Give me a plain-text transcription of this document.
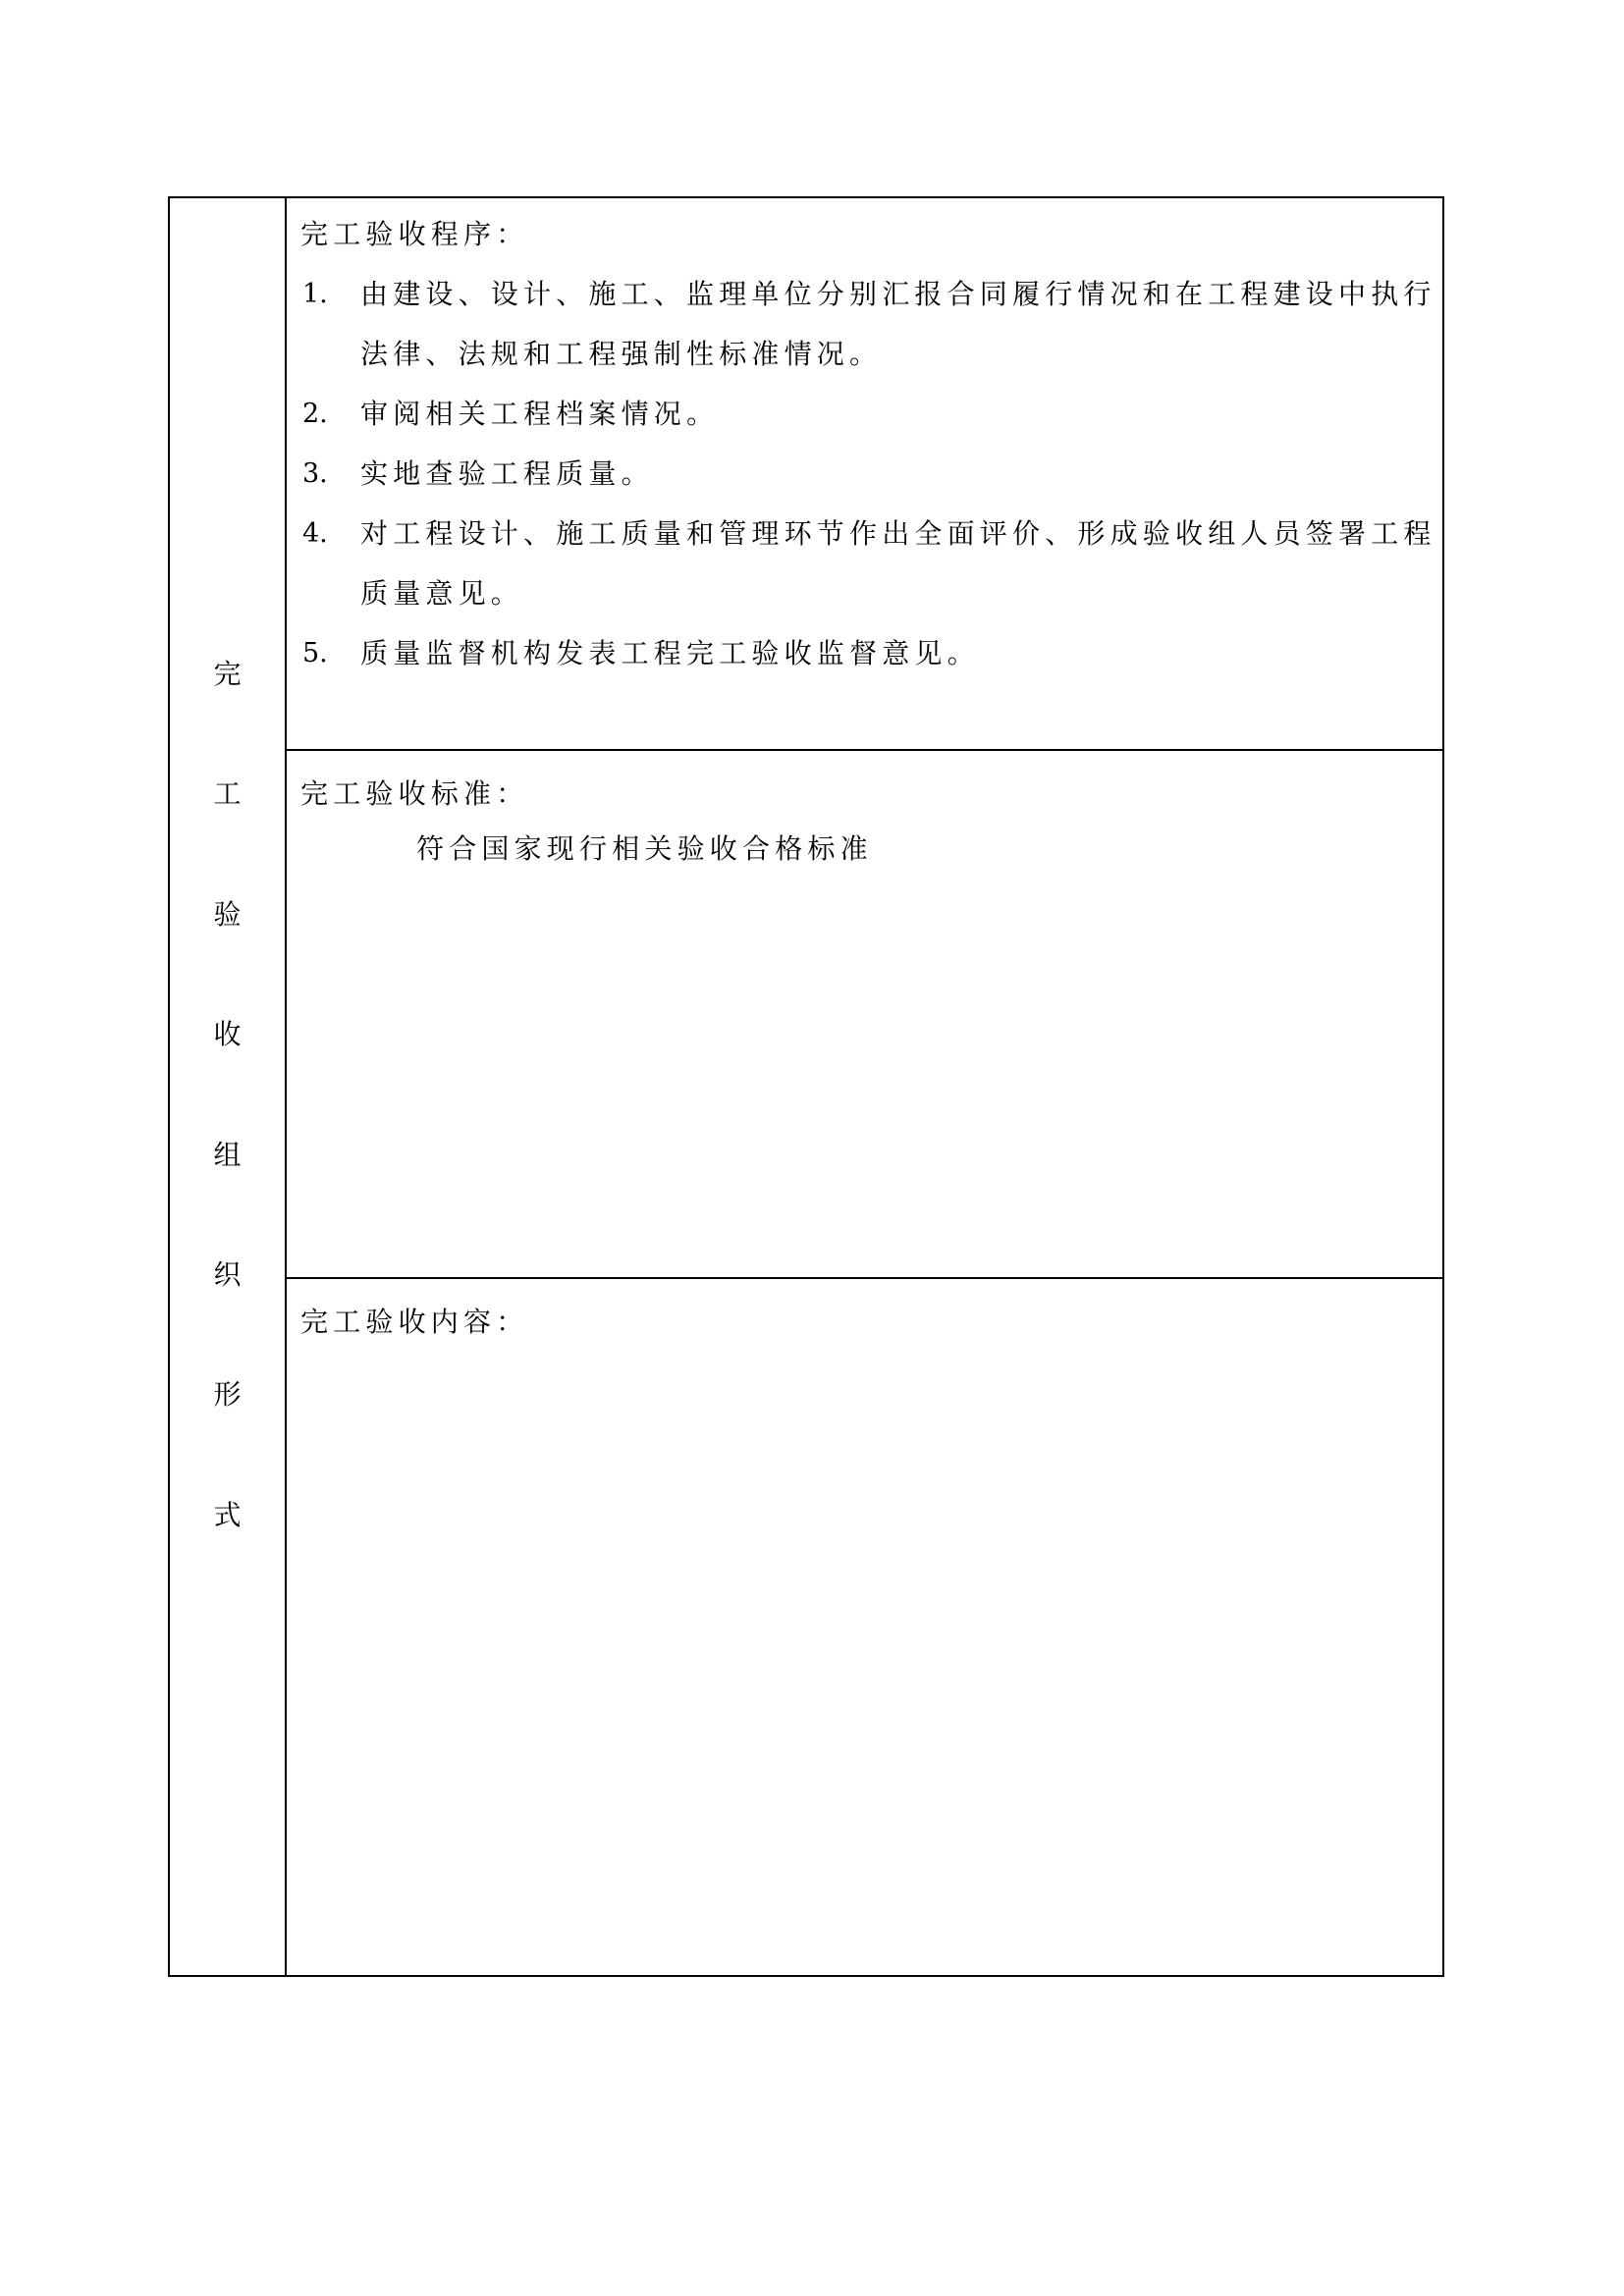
完
工
验
收
组
织
形
式
完工验收程序：
1. 由建设、设计、施工、监理单位分别汇报合同履行情况和在工程建设中执行
法律、法规和工程强制性标准情况。
2. 审阅相关工程档案情况。
3. 实地查验工程质量。
4. 对工程设计、施工质量和管理环节作出全面评价、形成验收组人员签署工程
质量意见。
5. 质量监督机构发表工程完工验收监督意见。
完工验收标准：
符合国家现行相关验收合格标准
完工验收内容：
